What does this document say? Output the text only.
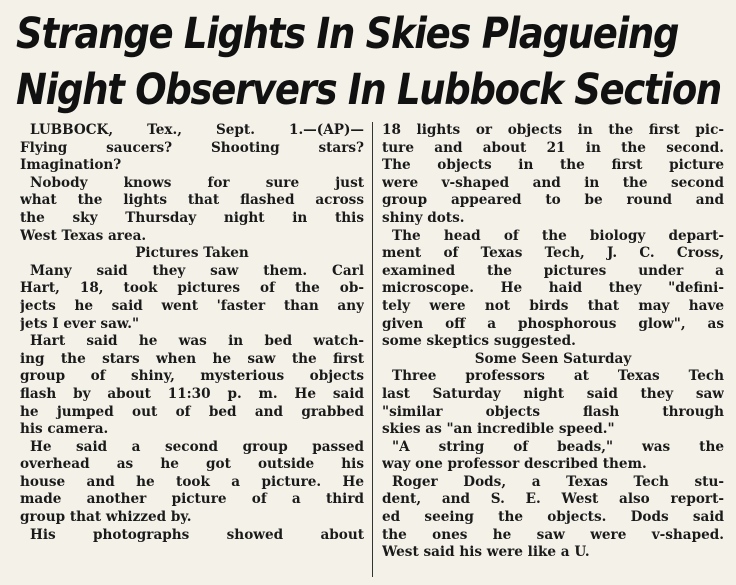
Strange Lights In Skies Plagueing
Night Observers In Lubbock Section
LUBBOCK, Tex., Sept. 1.—(AP)—
Flying saucers? Shooting stars?
Imagination?
Nobody knows for sure just
what the lights that flashed across
the sky Thursday night in this
West Texas area.
Pictures Taken
Many said they saw them. Carl
Hart, 18, took pictures of the ob-
jects he said went 'faster than any
jets I ever saw."
Hart said he was in bed watch-
ing the stars when he saw the first
group of shiny, mysterious objects
flash by about 11:30 p. m. He said
he jumped out of bed and grabbed
his camera.
He said a second group passed
overhead as he got outside his
house and he took a picture. He
made another picture of a third
group that whizzed by.
His photographs showed about
18 lights or objects in the first pic-
ture and about 21 in the second.
The objects in the first picture
were v-shaped and in the second
group appeared to be round and
shiny dots.
The head of the biology depart-
ment of Texas Tech, J. C. Cross,
examined the pictures under a
microscope. He haid they "defini-
tely were not birds that may have
given off a phosphorous glow", as
some skeptics suggested.
Some Seen Saturday
Three professors at Texas Tech
last Saturday night said they saw
"similar objects flash through
skies as "an incredible speed."
"A string of beads," was the
way one professor described them.
Roger Dods, a Texas Tech stu-
dent, and S. E. West also report-
ed seeing the objects. Dods said
the ones he saw were v-shaped.
West said his were like a U.
